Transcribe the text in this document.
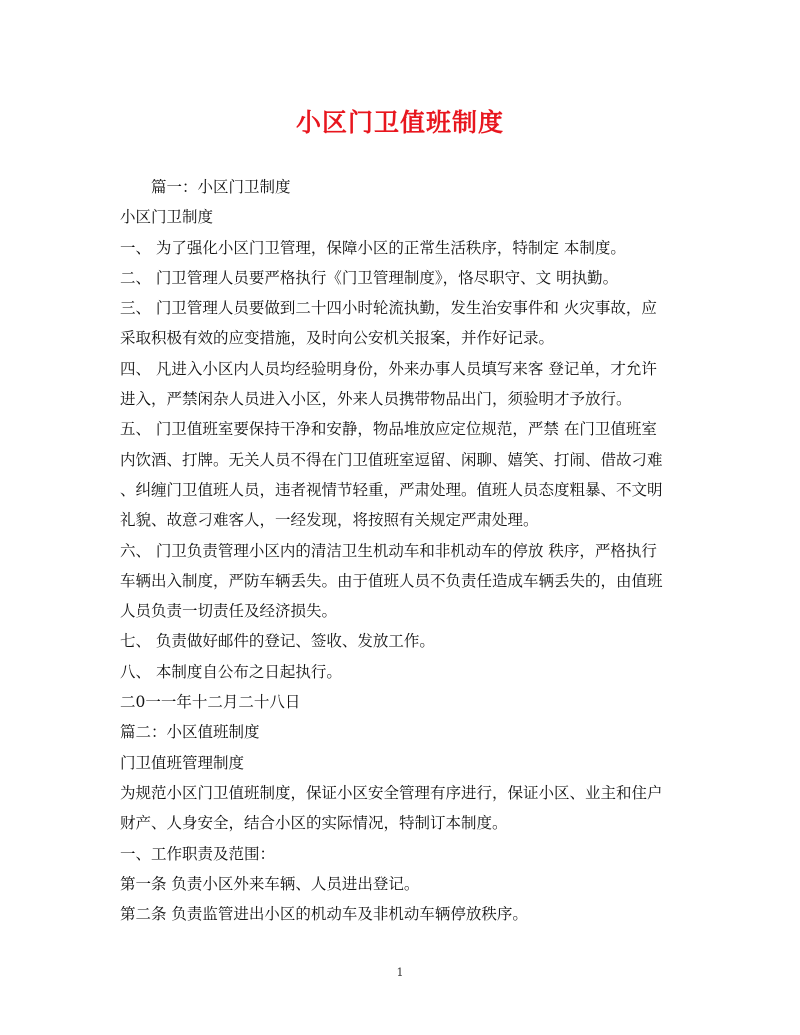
小区门卫值班制度
篇一：小区门卫制度
小区门卫制度
一、 为了强化小区门卫管理，保障小区的正常生活秩序，特制定 本制度。
二、 门卫管理人员要严格执行《门卫管理制度》，恪尽职守、文 明执勤。
三、 门卫管理人员要做到二十四小时轮流执勤，发生治安事件和 火灾事故，应
采取积极有效的应变措施，及时向公安机关报案，并作好记录。
四、 凡进入小区内人员均经验明身份，外来办事人员填写来客 登记单，才允许
进入，严禁闲杂人员进入小区，外来人员携带物品出门，须验明才予放行。
五、 门卫值班室要保持干净和安静，物品堆放应定位规范，严禁 在门卫值班室
内饮酒、打牌。无关人员不得在门卫值班室逗留、闲聊、嬉笑、打闹、借故刁难
、纠缠门卫值班人员，违者视情节轻重，严肃处理。值班人员态度粗暴、不文明
礼貌、故意刁难客人，一经发现，将按照有关规定严肃处理。
六、 门卫负责管理小区内的清洁卫生机动车和非机动车的停放 秩序，严格执行
车辆出入制度，严防车辆丢失。由于值班人员不负责任造成车辆丢失的，由值班
人员负责一切责任及经济损失。
七、 负责做好邮件的登记、签收、发放工作。
八、 本制度自公布之日起执行。
二0一一年十二月二十八日
篇二：小区值班制度
门卫值班管理制度
为规范小区门卫值班制度，保证小区安全管理有序进行，保证小区、业主和住户
财产、人身安全，结合小区的实际情况，特制订本制度。
一、工作职责及范围：
第一条 负责小区外来车辆、人员进出登记。
第二条 负责监管进出小区的机动车及非机动车辆停放秩序。
1
